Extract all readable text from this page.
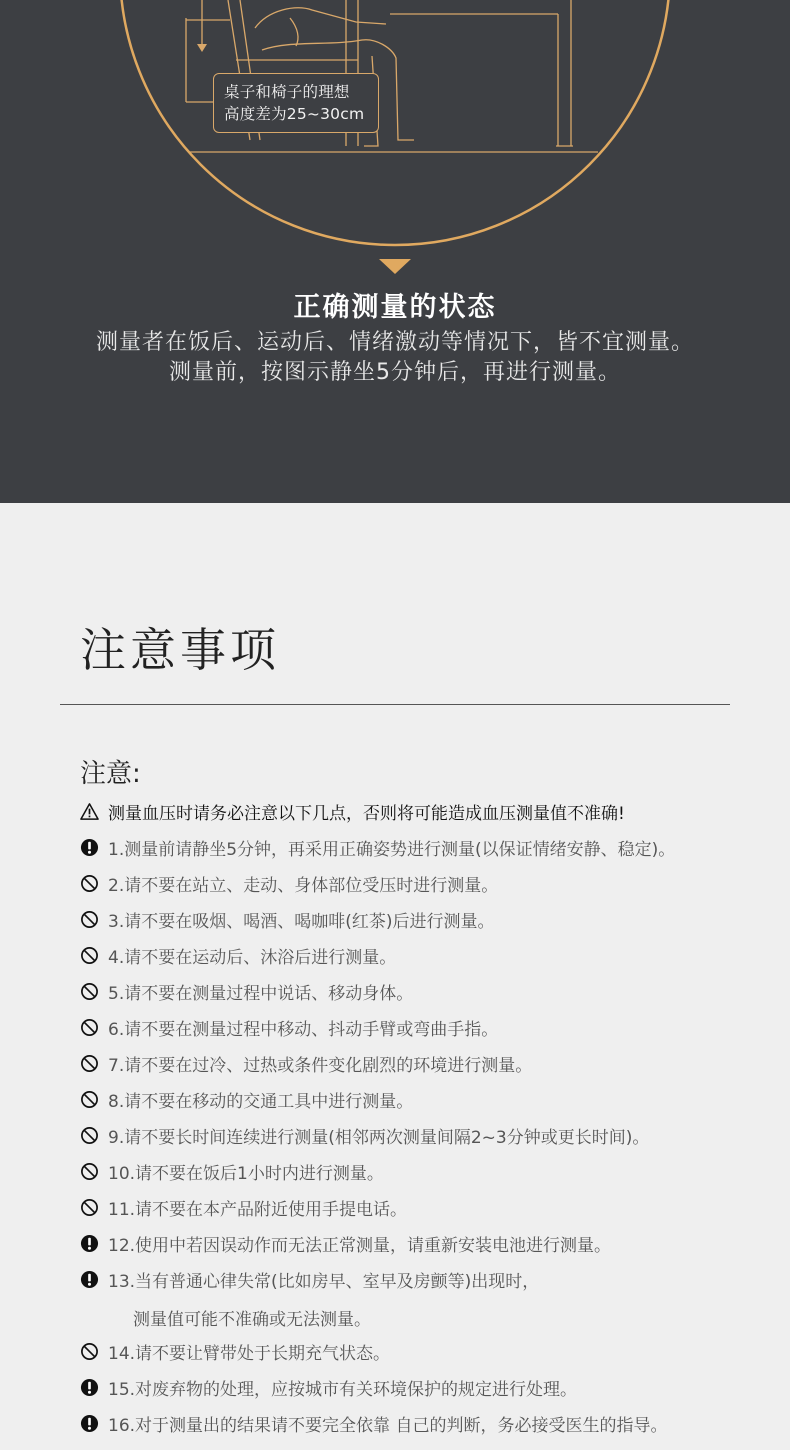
桌子和椅子的理想
高度差为25~30cm
正确测量的状态
测量者在饭后、运动后、情绪激动等情况下，皆不宜测量。
测量前，按图示静坐5分钟后，再进行测量。
注意事项
注意:
测量血压时请务必注意以下几点，否则将可能造成血压测量值不准确!
1.测量前请静坐5分钟，再采用正确姿势进行测量(以保证情绪安静、稳定)。
2.请不要在站立、走动、身体部位受压时进行测量。
3.请不要在吸烟、喝酒、喝咖啡(红茶)后进行测量。
4.请不要在运动后、沐浴后进行测量。
5.请不要在测量过程中说话、移动身体。
6.请不要在测量过程中移动、抖动手臂或弯曲手指。
7.请不要在过冷、过热或条件变化剧烈的环境进行测量。
8.请不要在移动的交通工具中进行测量。
9.请不要长时间连续进行测量(相邻两次测量间隔2~3分钟或更长时间)。
10.请不要在饭后1小时内进行测量。
11.请不要在本产品附近使用手提电话。
12.使用中若因误动作而无法正常测量，请重新安装电池进行测量。
13.当有普通心律失常(比如房早、室早及房颤等)出现时，
测量值可能不准确或无法测量。
14.请不要让臂带处于长期充气状态。
15.对废弃物的处理，应按城市有关环境保护的规定进行处理。
16.对于测量出的结果请不要完全依靠 自己的判断，务必接受医生的指导。
